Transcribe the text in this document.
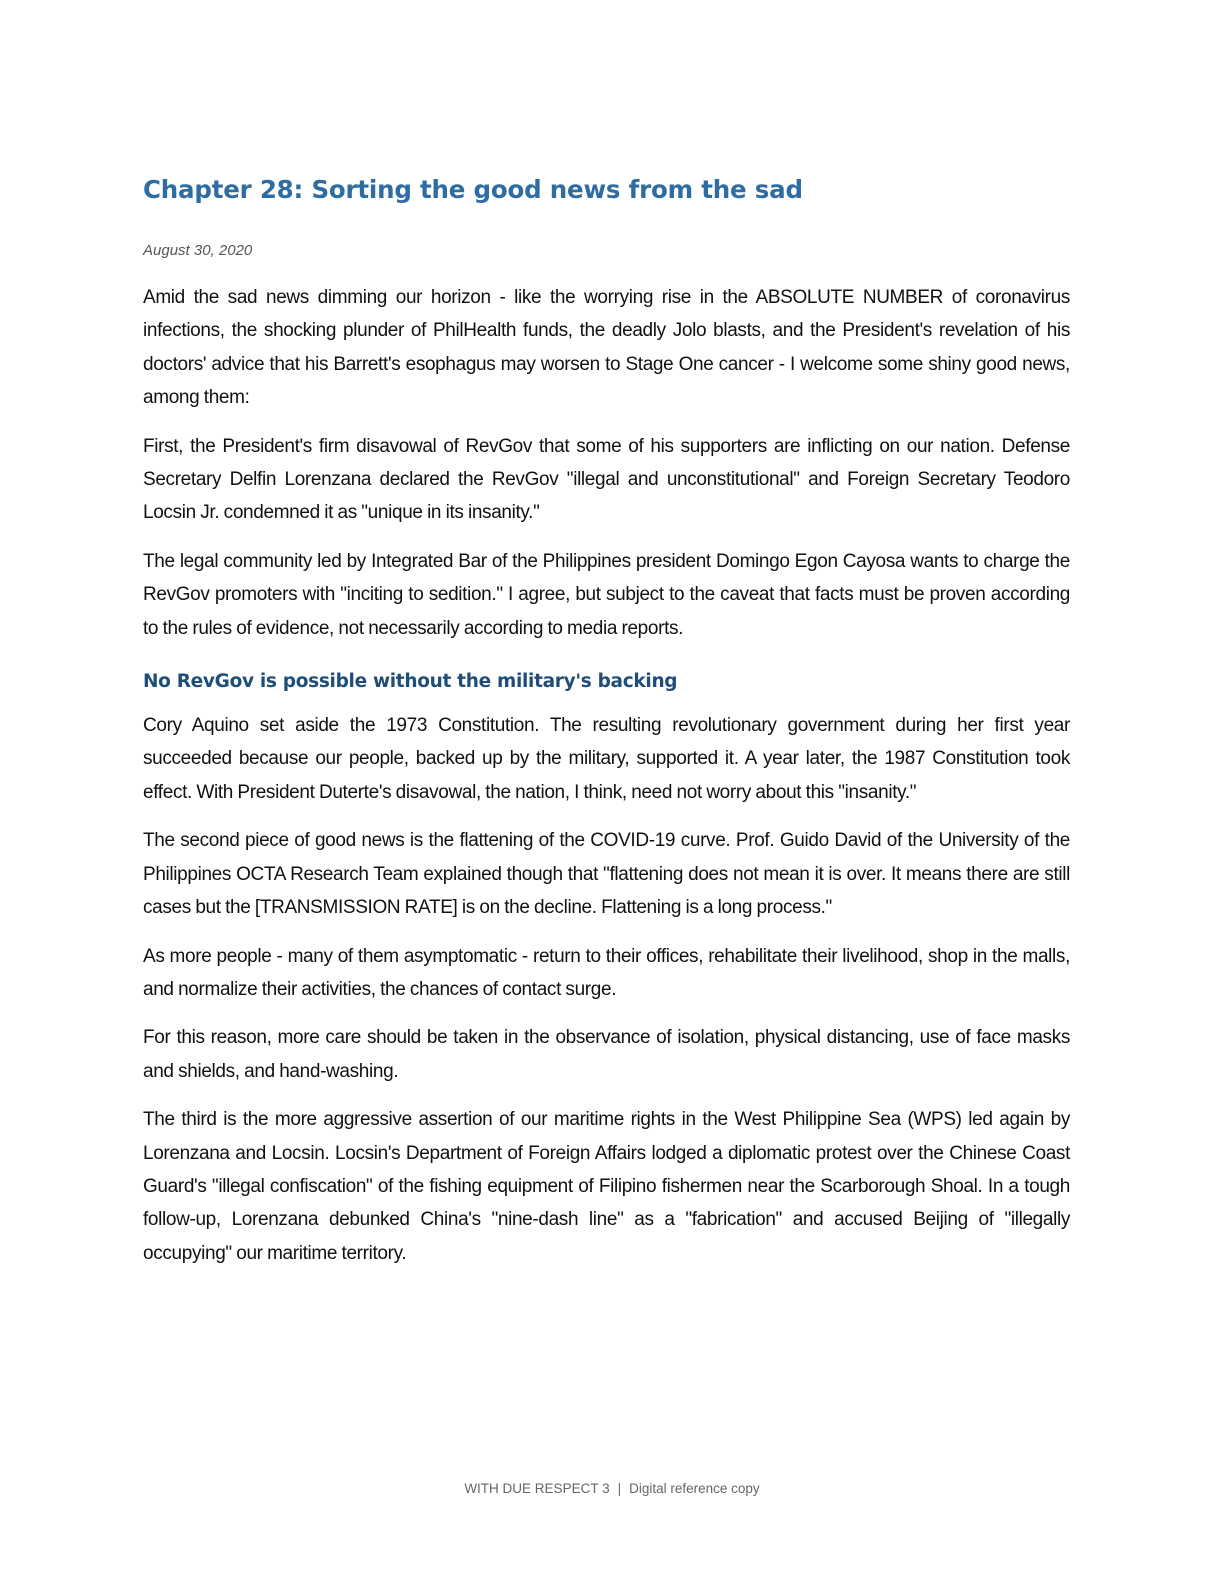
Chapter 28: Sorting the good news from the sad
August 30, 2020

Amid the sad news dimming our horizon - like the worrying rise in the ABSOLUTE NUMBER of coronavirus infections, the shocking plunder of PhilHealth funds, the deadly Jolo blasts, and the President's revelation of his doctors' advice that his Barrett's esophagus may worsen to Stage One cancer - I welcome some shiny good news, among them:

First, the President's firm disavowal of RevGov that some of his supporters are inflicting on our nation. Defense Secretary Delfin Lorenzana declared the RevGov "illegal and unconstitutional" and Foreign Secretary Teodoro Locsin Jr. condemned it as "unique in its insanity."

The legal community led by Integrated Bar of the Philippines president Domingo Egon Cayosa wants to charge the RevGov promoters with "inciting to sedition." I agree, but subject to the caveat that facts must be proven according to the rules of evidence, not necessarily according to media reports.

No RevGov is possible without the military's backing

Cory Aquino set aside the 1973 Constitution. The resulting revolutionary government during her first year succeeded because our people, backed up by the military, supported it. A year later, the 1987 Constitution took effect. With President Duterte's disavowal, the nation, I think, need not worry about this "insanity."

The second piece of good news is the flattening of the COVID-19 curve. Prof. Guido David of the University of the Philippines OCTA Research Team explained though that "flattening does not mean it is over. It means there are still cases but the [TRANSMISSION RATE] is on the decline. Flattening is a long process."

As more people - many of them asymptomatic - return to their offices, rehabilitate their livelihood, shop in the malls, and normalize their activities, the chances of contact surge.

For this reason, more care should be taken in the observance of isolation, physical distancing, use of face masks and shields, and hand-washing.

The third is the more aggressive assertion of our maritime rights in the West Philippine Sea (WPS) led again by Lorenzana and Locsin. Locsin's Department of Foreign Affairs lodged a diplomatic protest over the Chinese Coast Guard's "illegal confiscation" of the fishing equipment of Filipino fishermen near the Scarborough Shoal. In a tough follow-up, Lorenzana debunked China's "nine-dash line" as a "fabrication" and accused Beijing of "illegally occupying" our maritime territory.

WITH DUE RESPECT 3 | Digital reference copy
